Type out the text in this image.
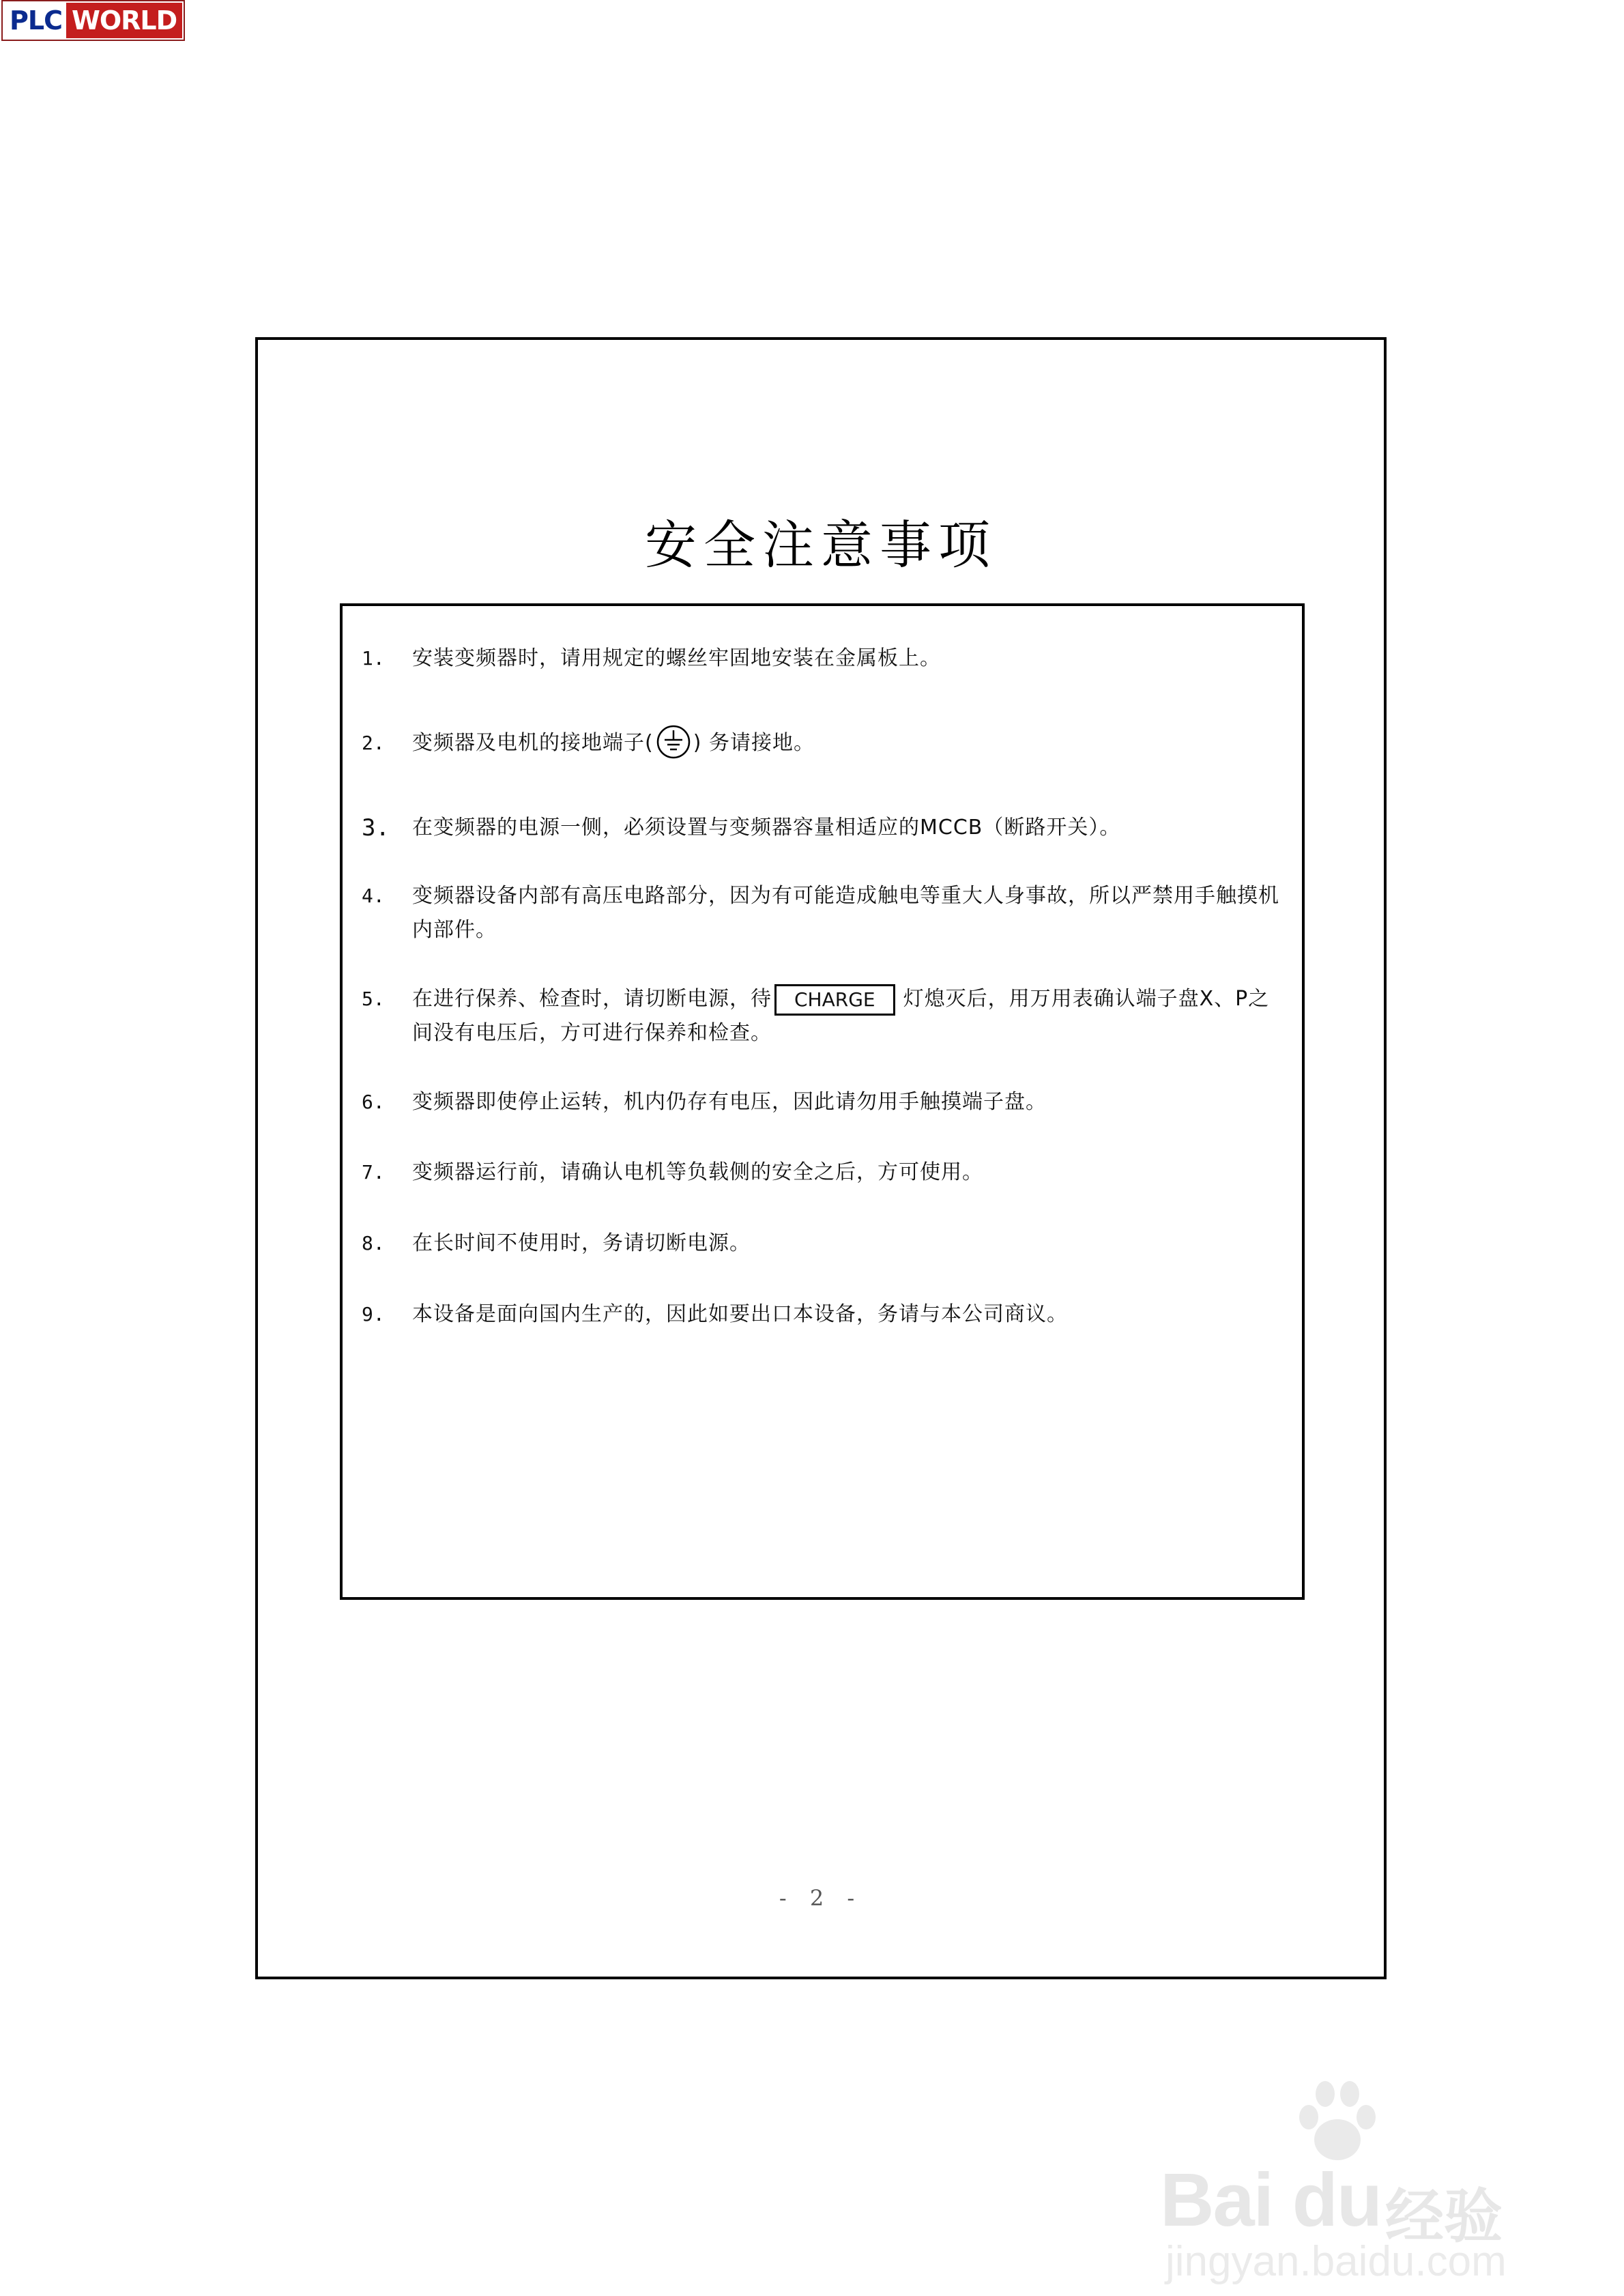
PLC WORLD
安全注意事项
1.	安装变频器时，请用规定的螺丝牢固地安装在金属板上。
2.	变频器及电机的接地端子( ) 务请接地。
3.	在变频器的电源一侧，必须设置与变频器容量相适应的MCCB（断路开关）。
4.	变频器设备内部有高压电路部分，因为有可能造成触电等重大人身事故，所以严禁用手触摸机内部件。
5.	在进行保养、检查时，请切断电源，待 CHARGE 灯熄灭后，用万用表确认端子盘X、P之间没有电压后，方可进行保养和检查。
6.	变频器即使停止运转，机内仍存有电压，因此请勿用手触摸端子盘。
7.	变频器运行前，请确认电机等负载侧的安全之后，方可使用。
8.	在长时间不使用时，务请切断电源。
9.	本设备是面向国内生产的，因此如要出口本设备，务请与本公司商议。
- 2 -
Bai du 经验
jingyan.baidu.com
